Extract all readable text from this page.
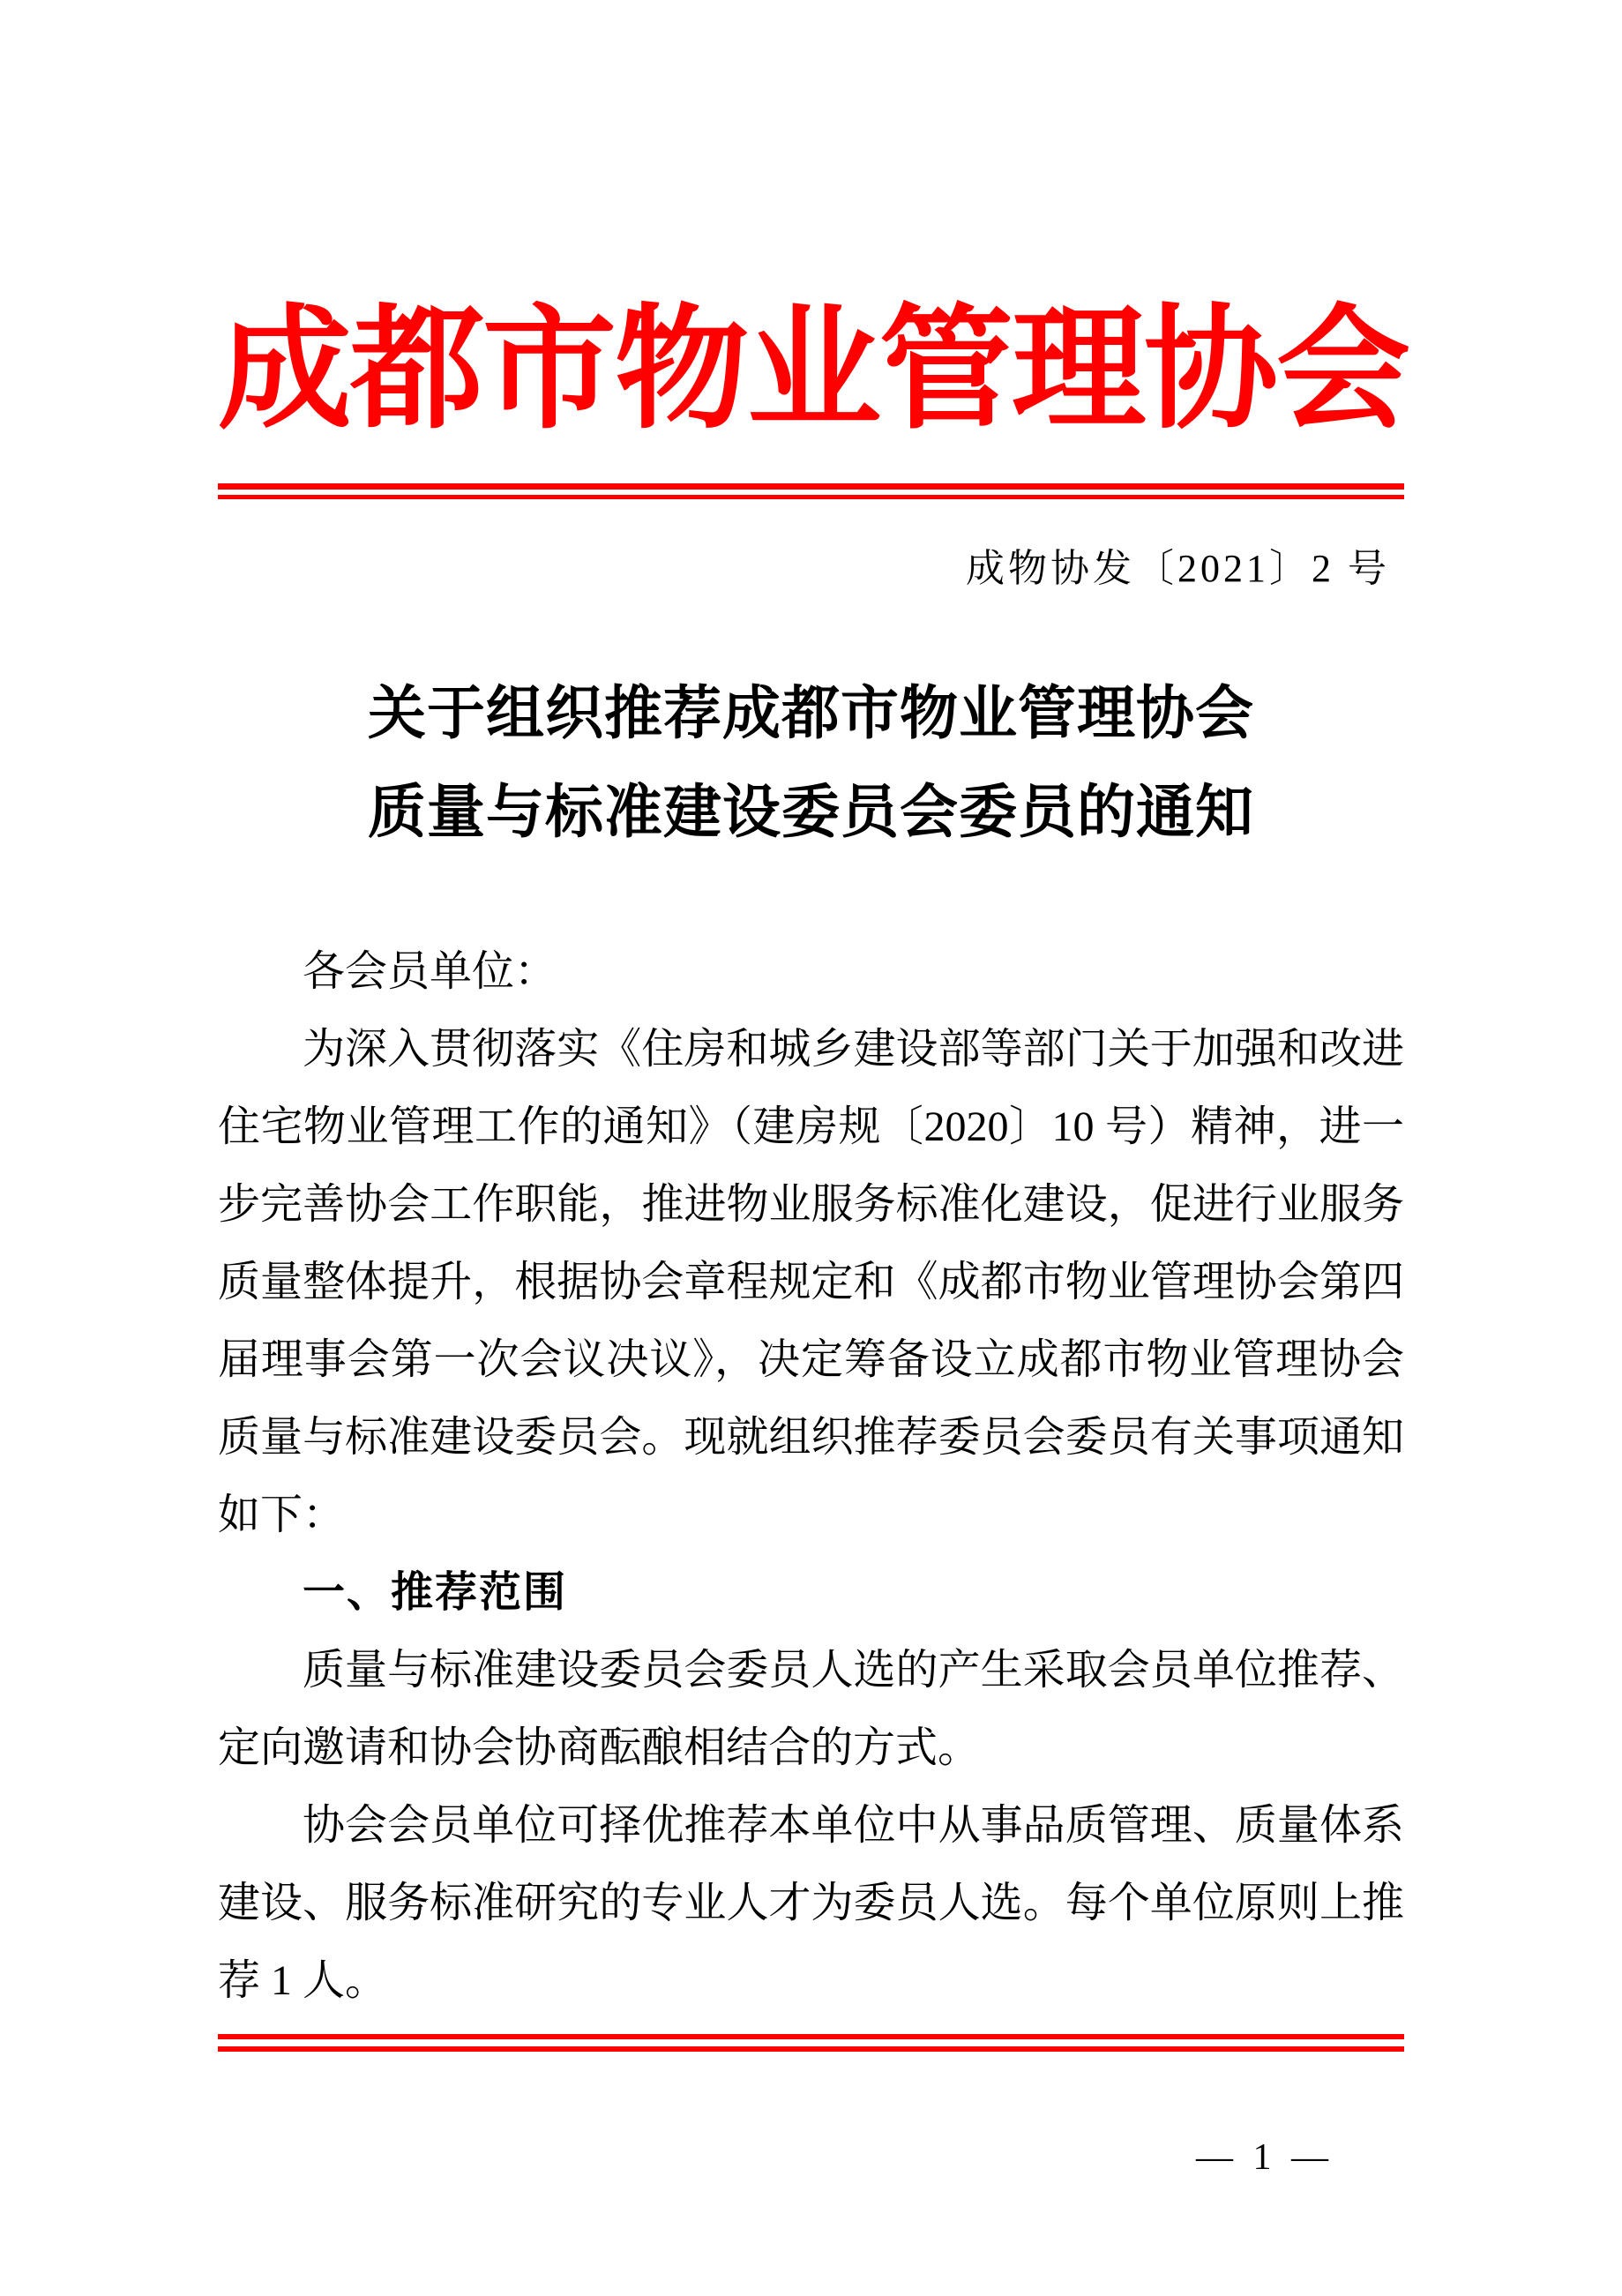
成都市物业管理协会
成物协发〔2021〕2 号
关于组织推荐成都市物业管理协会
质量与标准建设委员会委员的通知

各会员单位：

为深入贯彻落实《住房和城乡建设部等部门关于加强和改进住宅物业管理工作的通知》（建房规〔2020〕10 号）精神，进一步完善协会工作职能，推进物业服务标准化建设，促进行业服务质量整体提升，根据协会章程规定和《成都市物业管理协会第四届理事会第一次会议决议》，决定筹备设立成都市物业管理协会质量与标准建设委员会。现就组织推荐委员会委员有关事项通知如下：

一、推荐范围

质量与标准建设委员会委员人选的产生采取会员单位推荐、定向邀请和协会协商酝酿相结合的方式。

协会会员单位可择优推荐本单位中从事品质管理、质量体系建设、服务标准研究的专业人才为委员人选。每个单位原则上推荐 1 人。

— 1 —
